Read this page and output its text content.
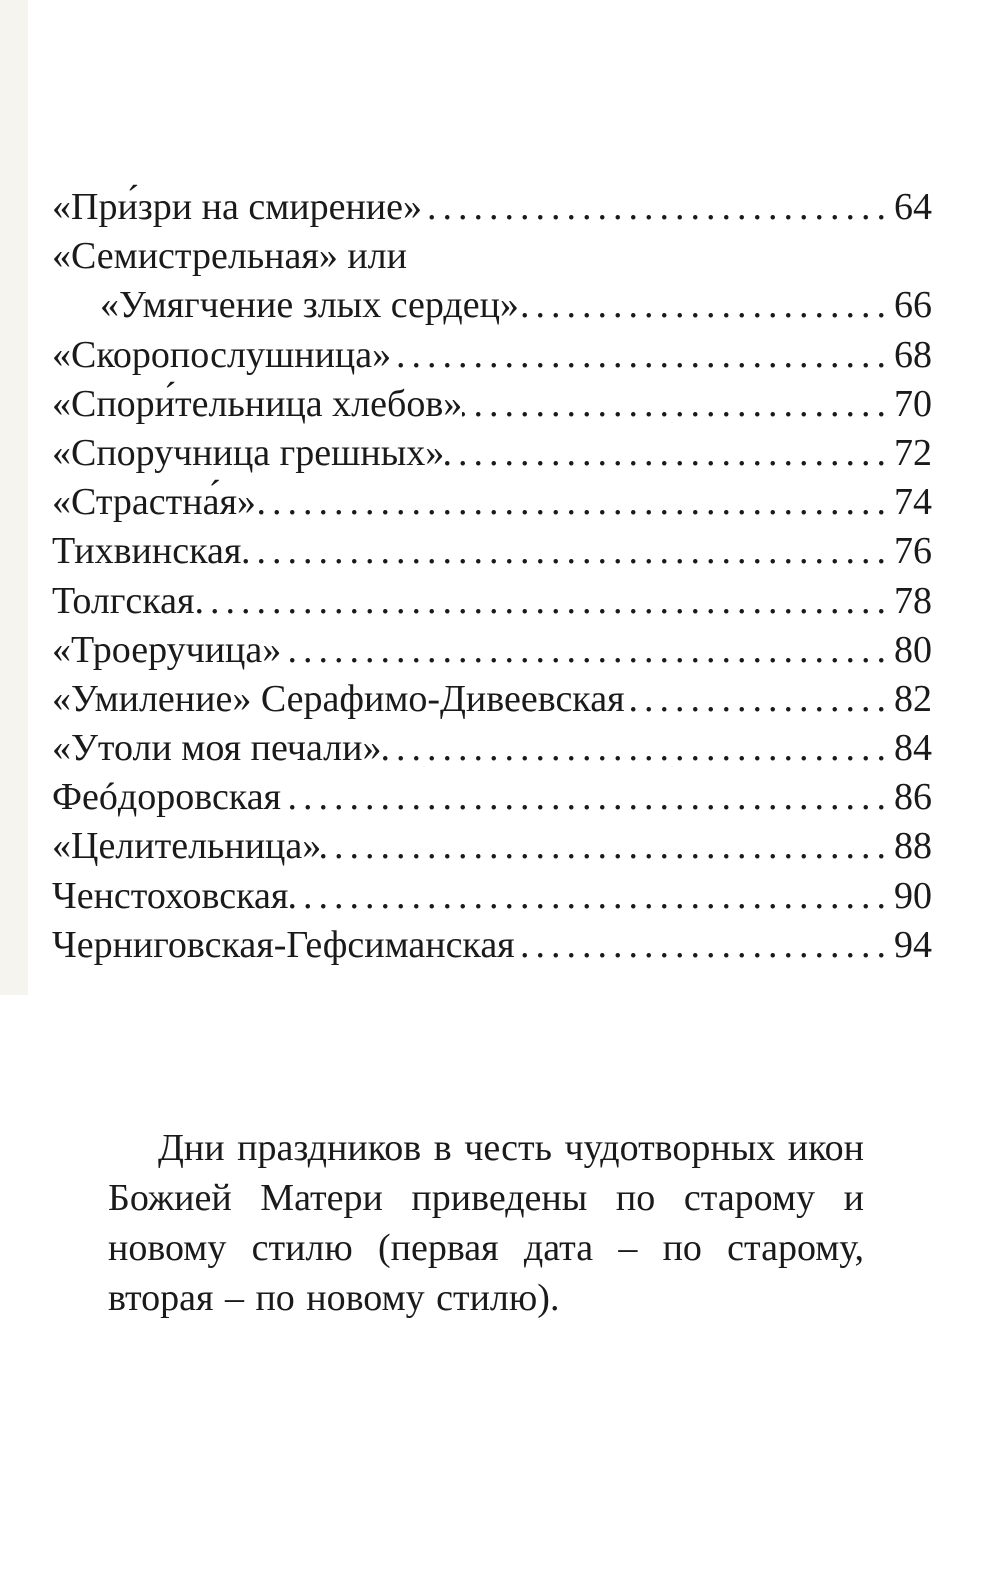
«При́зри на смирение» .....	64
«Семистрельная» или
«Умягчение злых сердец» .....	66
«Скоропослушница» .....	68
«Спори́тельница хлебов» .....	70
«Споручница грешных» .....	72
«Страстна́я» .....	74
Тихвинская .....	76
Толгская .....	78
«Троеручица» .....	80
«Умиление» Серафимо-Дивеевская .....	82
«Утоли моя печали» .....	84
Феóдоровская .....	86
«Целительница» .....	88
Ченстоховская .....	90
Черниговская-Гефсиманская .....	94

Дни праздников в честь чудотворных икон Божией Матери приведены по старому и новому стилю (первая дата – по старому, вторая – по новому стилю).
